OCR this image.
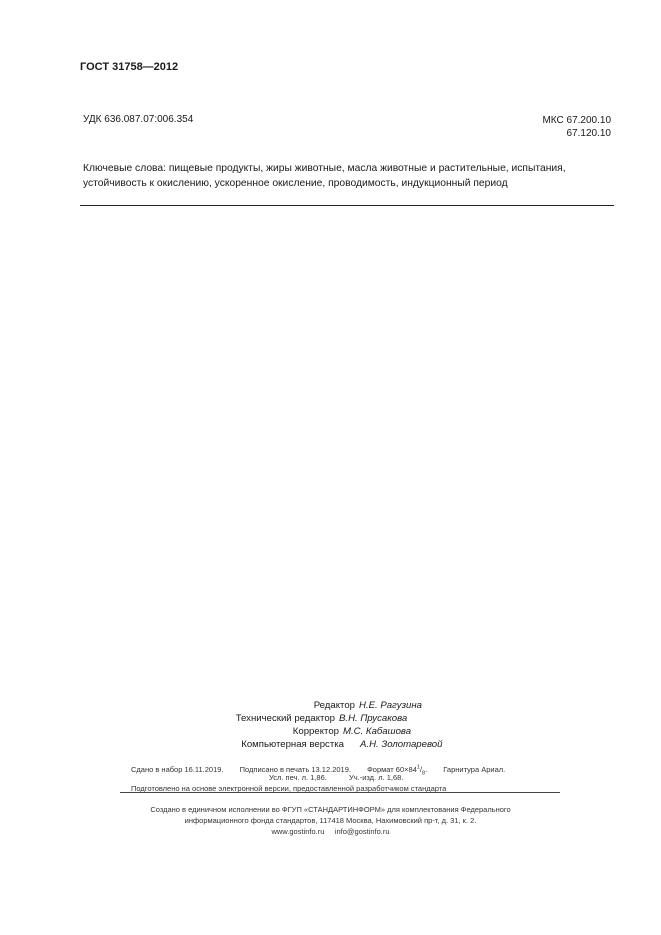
ГОСТ 31758—2012
УДК 636.087.07:006.354	МКС 67.200.10
67.120.10
Ключевые слова: пищевые продукты, жиры животные, масла животные и растительные, испытания, устойчивость к окислению, ускоренное окисление, проводимость, индукционный период
Редактор Н.Е. Рагузина
Технический редактор В.Н. Прусакова
Корректор М.С. Кабашова
Компьютерная верстка А.Н. Золотаревой
Сдано в набор 16.11.2019. Подписано в печать 13.12.2019. Формат $60\times 84^1/_8$. Гарнитура Ариал.
Усл. печ. л. 1,86.	Уч.-изд. л. 1,68.
Подготовлено на основе электронной версии, предоставленной разработчиком стандарта
Создано в единичном исполнении во ФГУП «СТАНДАРТИНФОРМ» для комплектования Федерального
информационного фонда стандартов, 117418 Москва, Нахимовский пр-т, д. 31, к. 2.
www.gostinfo.ru info@gostinfo.ru
